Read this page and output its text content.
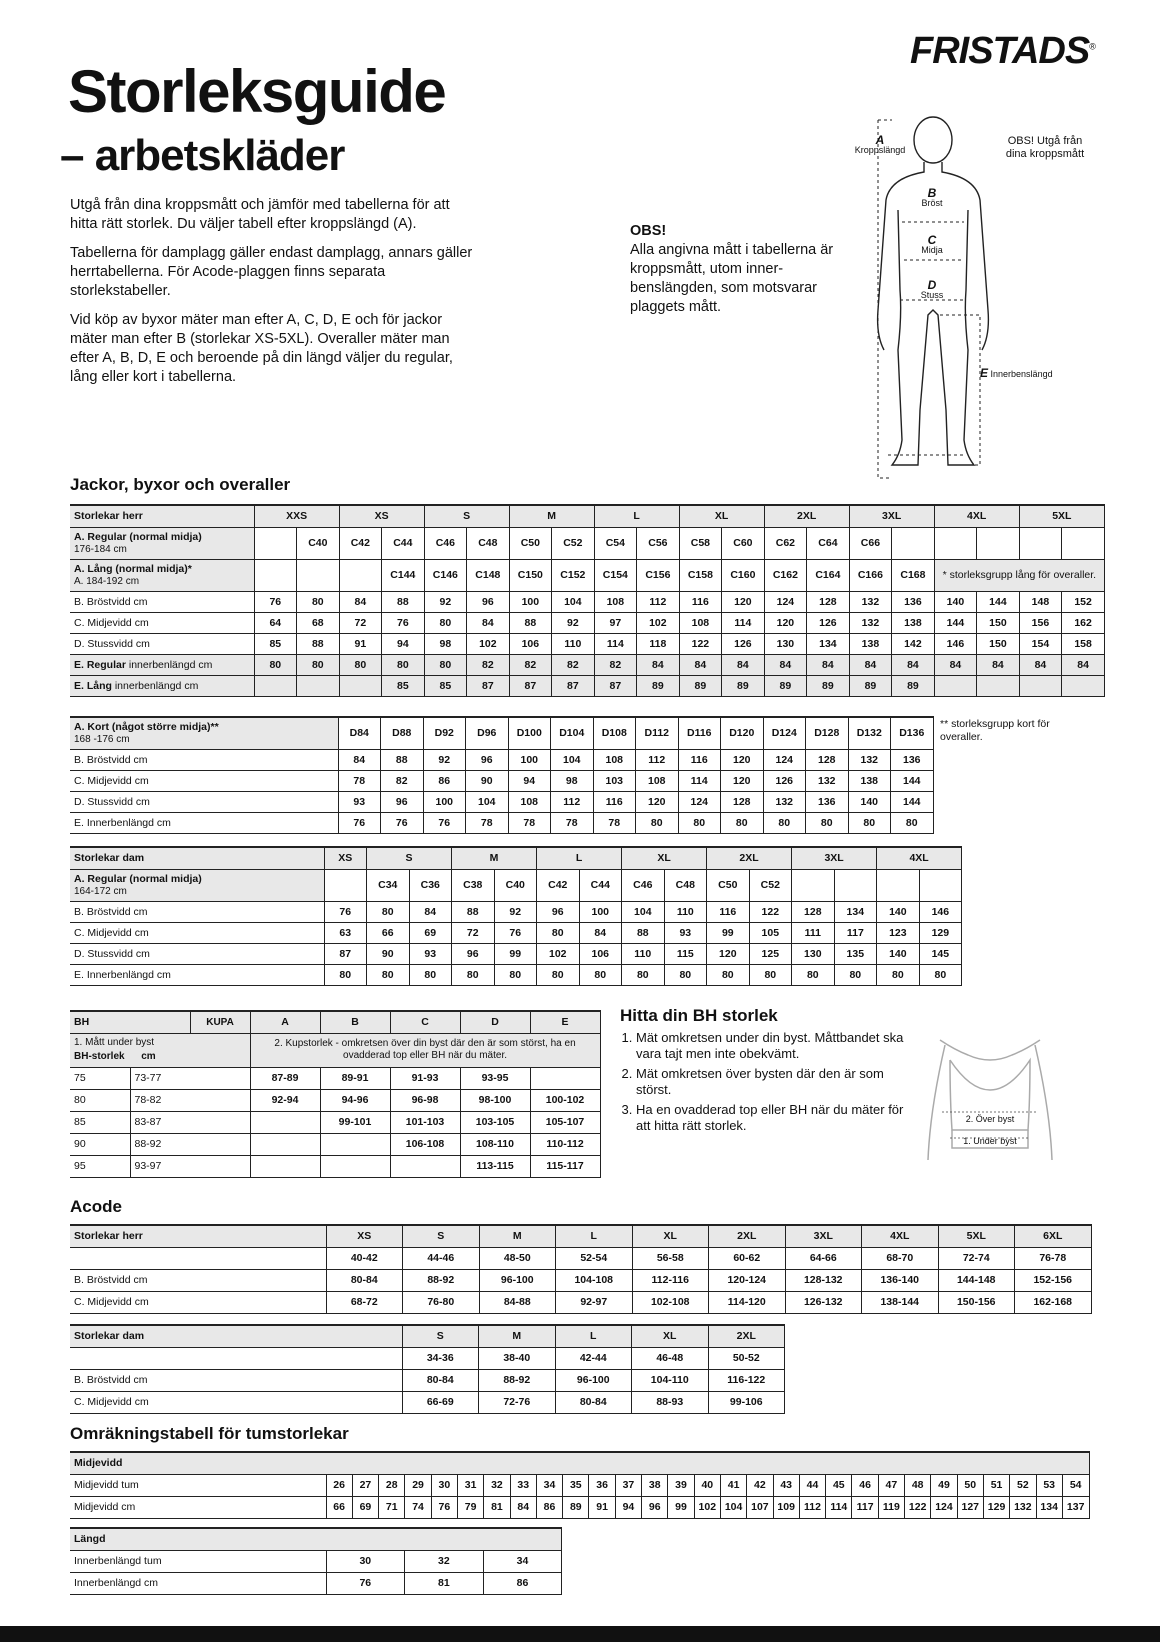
FRISTADS®
Storleksguide
– arbetskläder

Utgå från dina kroppsmått och jämför med tabellerna för att hitta rätt storlek. Du väljer tabell efter kroppslängd (A).

Tabellerna för damplagg gäller endast damplagg, annars gäller herrtabellerna. För Acode-plaggen finns separata storlekstabeller.

Vid köp av byxor mäter man efter A, C, D, E och för jackor mäter man efter B (storlekar XS-5XL). Overaller mäter man efter A, B, D, E och beroende på din längd väljer du regular, lång eller kort i tabellerna.

OBS!
Alla angivna mått i tabellerna är kroppsmått, utom inner-benslängden, som motsvarar plaggets mått.
A
Kroppslängd
B
Bröst
C
Midja
D
Stuss
E Innerbenslängd
OBS! Utgå från dina kroppsmått
Jackor, byxor och overaller
Storlekar herr	XXS		XS		S		M		L		XL		2XL		3XL		4XL		5XL	
A. Regular (normal midja)
176-184 cm		C40	C42	C44	C46	C48	C50	C52	C54	C56	C58	C60	C62	C64	C66					
A. Lång (normal midja)*
A. 184-192 cm				C144	C146	C148	C150	C152	C154	C156	C158	C160	C162	C164	C166	C168	* storleksgrupp lång för overaller.			
B. Bröstvidd cm	76	80	84	88	92	96	100	104	108	112	116	120	124	128	132	136	140	144	148	152
C. Midjevidd cm	64	68	72	76	80	84	88	92	97	102	108	114	120	126	132	138	144	150	156	162
D. Stussvidd cm	85	88	91	94	98	102	106	110	114	118	122	126	130	134	138	142	146	150	154	158
E. Regular innerbenlängd cm	80	80	80	80	80	82	82	82	82	84	84	84	84	84	84	84	84	84	84	84
E. Lång innerbenlängd cm				85	85	87	87	87	87	89	89	89	89	89	89	89				
A. Kort (något större midja)**
168 -176 cm	D84	D88	D92	D96	D100	D104	D108	D112	D116	D120	D124	D128	D132	D136
B. Bröstvidd cm	84	88	92	96	100	104	108	112	116	120	124	128	132	136
C. Midjevidd cm	78	82	86	90	94	98	103	108	114	120	126	132	138	144
D. Stussvidd cm	93	96	100	104	108	112	116	120	124	128	132	136	140	144
E. Innerbenlängd cm	76	76	76	78	78	78	78	80	80	80	80	80	80	80
** storleksgrupp kort för overaller.
Storlekar dam	XS	S		M		L		XL		2XL		3XL		4XL	
A. Regular (normal midja)
164-172 cm		C34	C36	C38	C40	C42	C44	C46	C48	C50	C52				
B. Bröstvidd cm	76	80	84	88	92	96	100	104	110	116	122	128	134	140	146
C. Midjevidd cm	63	66	69	72	76	80	84	88	93	99	105	111	117	123	129
D. Stussvidd cm	87	90	93	96	99	102	106	110	115	120	125	130	135	140	145
E. Innerbenlängd cm	80	80	80	80	80	80	80	80	80	80	80	80	80	80	80
BH		KUPA	A	B	C	D	E
1. Mått under byst
BH-storlek cm			2. Kupstorlek - omkretsen över din byst där den är som störst, ha en ovadderad top eller BH när du mäter.				
75	73-77		87-89	89-91	91-93	93-95	
80	78-82		92-94	94-96	96-98	98-100	100-102
85	83-87			99-101	101-103	103-105	105-107
90	88-92				106-108	108-110	110-112
95	93-97					113-115	115-117
Hitta din BH storlek
1. Mät omkretsen under din byst. Måttbandet ska vara tajt men inte obekvämt.
2. Mät omkretsen över bysten där den är som störst.
3. Ha en ovadderad top eller BH när du mäter för att hitta rätt storlek.	2. Över byst
1. Under byst
Acode
Storlekar herr	XS	S	M	L	XL	2XL	3XL	4XL	5XL	6XL
	40-42	44-46	48-50	52-54	56-58	60-62	64-66	68-70	72-74	76-78
B. Bröstvidd cm	80-84	88-92	96-100	104-108	112-116	120-124	128-132	136-140	144-148	152-156
C. Midjevidd cm	68-72	76-80	84-88	92-97	102-108	114-120	126-132	138-144	150-156	162-168
Storlekar dam	S	M	L	XL	2XL
	34-36	38-40	42-44	46-48	50-52
B. Bröstvidd cm	80-84	88-92	96-100	104-110	116-122
C. Midjevidd cm	66-69	72-76	80-84	88-93	99-106
Omräkningstabell för tumstorlekar
Midjevidd																													
Midjevidd tum	26	27	28	29	30	31	32	33	34	35	36	37	38	39	40	41	42	43	44	45	46	47	48	49	50	51	52	53	54
Midjevidd cm	66	69	71	74	76	79	81	84	86	89	91	94	96	99	102	104	107	109	112	114	117	119	122	124	127	129	132	134	137
Längd			
Innerbenlängd tum	30	32	34
Innerbenlängd cm	76	81	86
